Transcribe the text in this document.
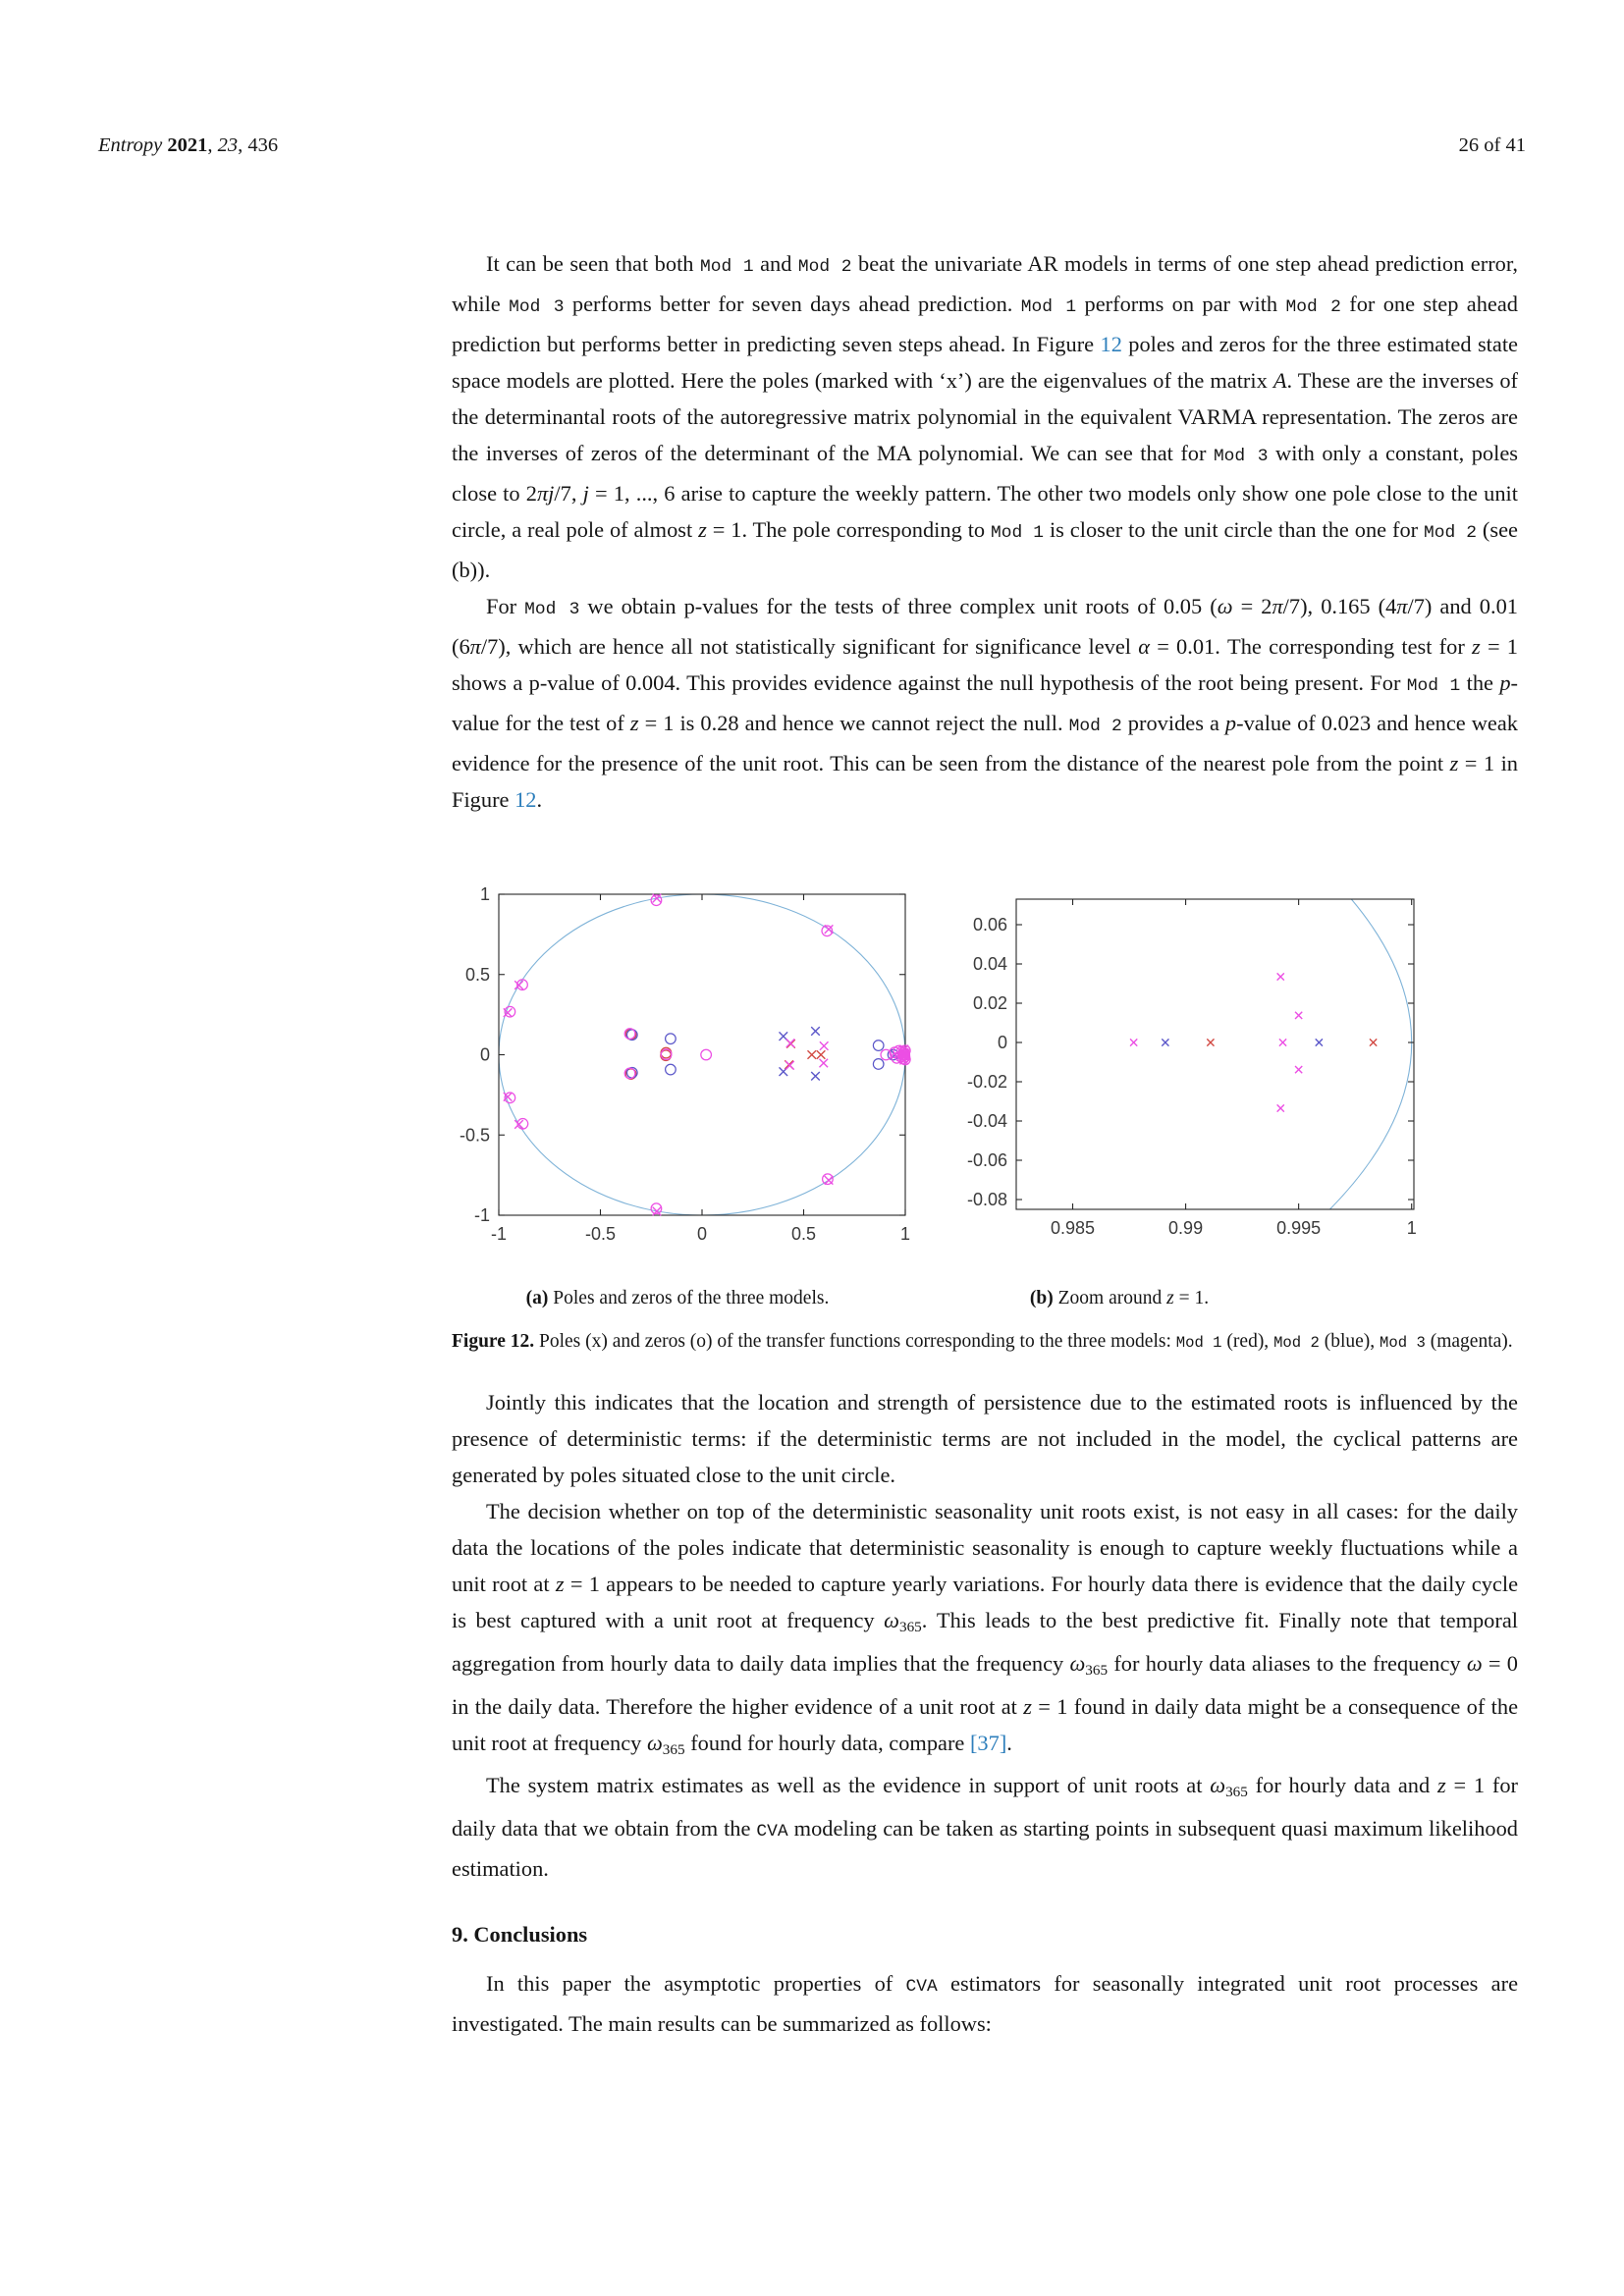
Entropy 2021, 23, 436	26 of 41

It can be seen that both Mod 1 and Mod 2 beat the univariate AR models in terms of one step ahead prediction error, while Mod 3 performs better for seven days ahead prediction. Mod 1 performs on par with Mod 2 for one step ahead prediction but performs better in predicting seven steps ahead. In Figure 12 poles and zeros for the three estimated state space models are plotted. Here the poles (marked with ‘x’) are the eigenvalues of the matrix A. These are the inverses of the determinantal roots of the autoregressive matrix polynomial in the equivalent VARMA representation. The zeros are the inverses of zeros of the determinant of the MA polynomial. We can see that for Mod 3 with only a constant, poles close to 2πj/7, j = 1, ..., 6 arise to capture the weekly pattern. The other two models only show one pole close to the unit circle, a real pole of almost z = 1. The pole corresponding to Mod 1 is closer to the unit circle than the one for Mod 2 (see (b)).

For Mod 3 we obtain p-values for the tests of three complex unit roots of 0.05 (ω = 2π/7), 0.165 (4π/7) and 0.01 (6π/7), which are hence all not statistically significant for significance level α = 0.01. The corresponding test for z = 1 shows a p-value of 0.004. This provides evidence against the null hypothesis of the root being present. For Mod 1 the p-value for the test of z = 1 is 0.28 and hence we cannot reject the null. Mod 2 provides a p-value of 0.023 and hence weak evidence for the presence of the unit root. This can be seen from the distance of the nearest pole from the point z = 1 in Figure 12.

-1	-0.5	0	0.5	1
-1
-0.5
0
0.5
1
0.985	0.99	0.995	1
0.06
0.04
0.02
0
-0.02
-0.04
-0.06
-0.08
(a) Poles and zeros of the three models.	(b) Zoom around z = 1.

Figure 12. Poles (x) and zeros (o) of the transfer functions corresponding to the three models: Mod 1 (red), Mod 2 (blue), Mod 3 (magenta).

Jointly this indicates that the location and strength of persistence due to the estimated roots is influenced by the presence of deterministic terms: if the deterministic terms are not included in the model, the cyclical patterns are generated by poles situated close to the unit circle.

The decision whether on top of the deterministic seasonality unit roots exist, is not easy in all cases: for the daily data the locations of the poles indicate that deterministic seasonality is enough to capture weekly fluctuations while a unit root at z = 1 appears to be needed to capture yearly variations. For hourly data there is evidence that the daily cycle is best captured with a unit root at frequency ω365. This leads to the best predictive fit. Finally note that temporal aggregation from hourly data to daily data implies that the frequency ω365 for hourly data aliases to the frequency ω = 0 in the daily data. Therefore the higher evidence of a unit root at z = 1 found in daily data might be a consequence of the unit root at frequency ω365 found for hourly data, compare [37].

The system matrix estimates as well as the evidence in support of unit roots at ω365 for hourly data and z = 1 for daily data that we obtain from the CVA modeling can be taken as starting points in subsequent quasi maximum likelihood estimation.

9. Conclusions

In this paper the asymptotic properties of CVA estimators for seasonally integrated unit root processes are investigated. The main results can be summarized as follows:
